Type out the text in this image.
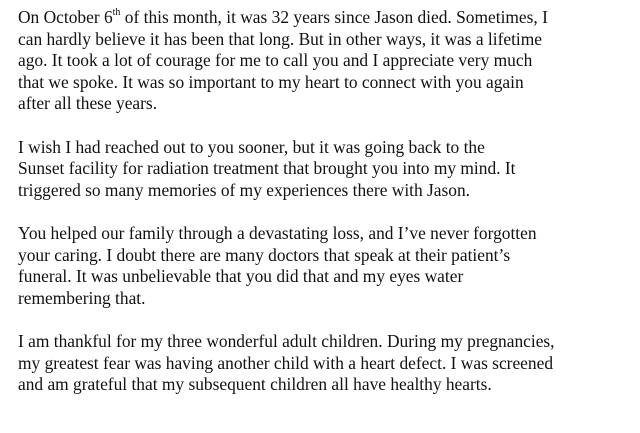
On October 6th of this month, it was 32 years since Jason died. Sometimes, I
can hardly believe it has been that long. But in other ways, it was a lifetime
ago. It took a lot of courage for me to call you and I appreciate very much
that we spoke. It was so important to my heart to connect with you again
after all these years.
I wish I had reached out to you sooner, but it was going back to the
Sunset facility for radiation treatment that brought you into my mind. It
triggered so many memories of my experiences there with Jason.
You helped our family through a devastating loss, and I’ve never forgotten
your caring. I doubt there are many doctors that speak at their patient’s
funeral. It was unbelievable that you did that and my eyes water
remembering that.
I am thankful for my three wonderful adult children. During my pregnancies,
my greatest fear was having another child with a heart defect. I was screened
and am grateful that my subsequent children all have healthy hearts.
